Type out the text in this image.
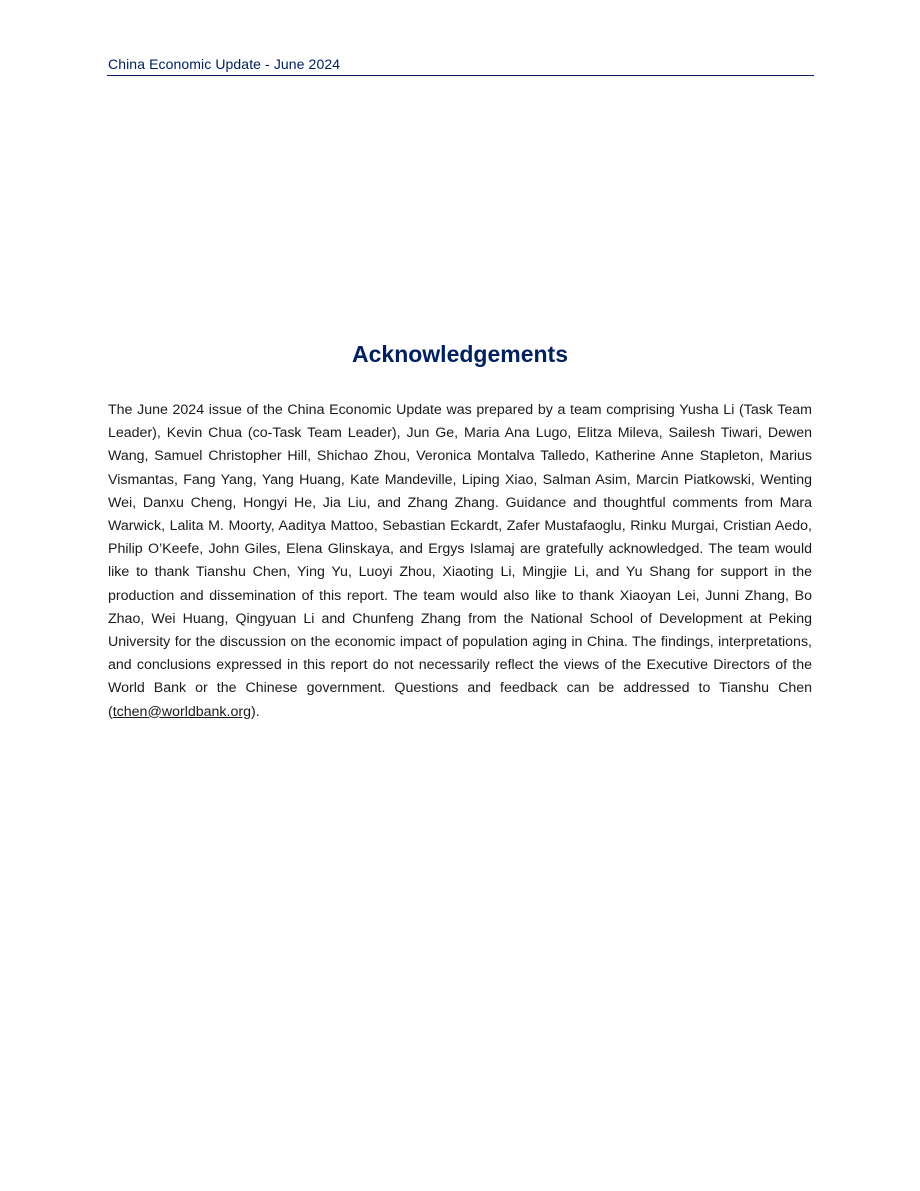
China Economic Update - June 2024
Acknowledgements

The June 2024 issue of the China Economic Update was prepared by a team comprising Yusha Li (Task Team Leader), Kevin Chua (co-Task Team Leader), Jun Ge, Maria Ana Lugo, Elitza Mileva, Sailesh Tiwari, Dewen Wang, Samuel Christopher Hill, Shichao Zhou, Veronica Montalva Talledo, Katherine Anne Stapleton, Marius Vismantas, Fang Yang, Yang Huang, Kate Mandeville, Liping Xiao, Salman Asim, Marcin Piatkowski, Wenting Wei, Danxu Cheng, Hongyi He, Jia Liu, and Zhang Zhang. Guidance and thoughtful comments from Mara Warwick, Lalita M. Moorty, Aaditya Mattoo, Sebastian Eckardt, Zafer Mustafaoglu, Rinku Murgai, Cristian Aedo, Philip O’Keefe, John Giles, Elena Glinskaya, and Ergys Islamaj are gratefully acknowledged. The team would like to thank Tianshu Chen, Ying Yu, Luoyi Zhou, Xiaoting Li, Mingjie Li, and Yu Shang for support in the production and dissemination of this report. The team would also like to thank Xiaoyan Lei, Junni Zhang, Bo Zhao, Wei Huang, Qingyuan Li and Chunfeng Zhang from the National School of Development at Peking University for the discussion on the economic impact of population aging in China. The findings, interpretations, and conclusions expressed in this report do not necessarily reflect the views of the Executive Directors of the World Bank or the Chinese government. Questions and feedback can be addressed to Tianshu Chen (tchen@worldbank.org).
